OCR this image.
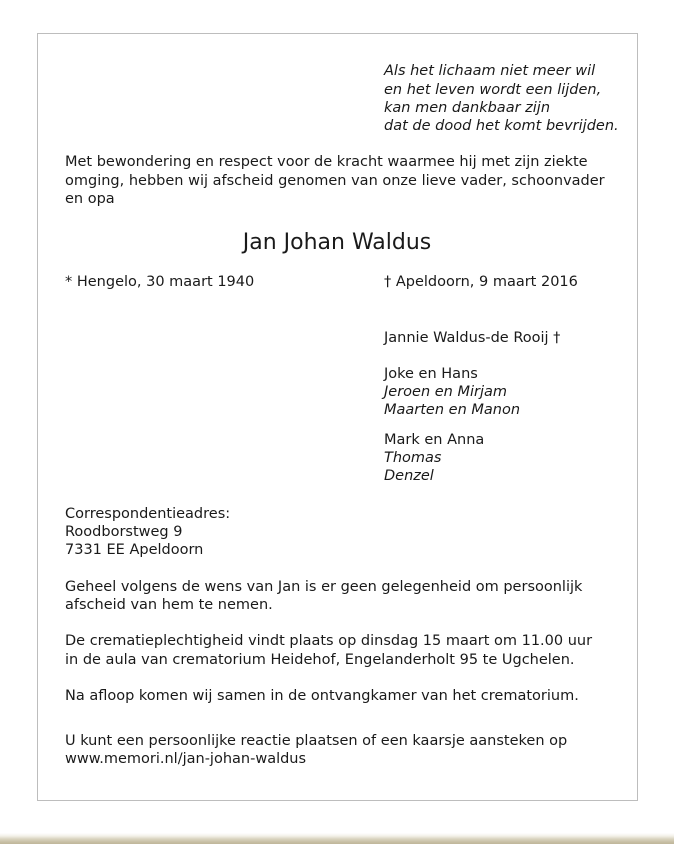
Als het lichaam niet meer wil
en het leven wordt een lijden,
kan men dankbaar zijn
dat de dood het komt bevrijden.
Met bewondering en respect voor de kracht waarmee hij met zijn ziekte
omging, hebben wij afscheid genomen van onze lieve vader, schoonvader
en opa
Jan Johan Waldus
* Hengelo, 30 maart 1940	† Apeldoorn, 9 maart 2016
Jannie Waldus-de Rooij †
Joke en Hans
Jeroen en Mirjam
Maarten en Manon
Mark en Anna
Thomas
Denzel
Correspondentieadres:
Roodborstweg 9
7331 EE Apeldoorn
Geheel volgens de wens van Jan is er geen gelegenheid om persoonlijk
afscheid van hem te nemen.
De crematieplechtigheid vindt plaats op dinsdag 15 maart om 11.00 uur
in de aula van crematorium Heidehof, Engelanderholt 95 te Ugchelen.
Na afloop komen wij samen in de ontvangkamer van het crematorium.
U kunt een persoonlijke reactie plaatsen of een kaarsje aansteken op
www.memori.nl/jan-johan-waldus
